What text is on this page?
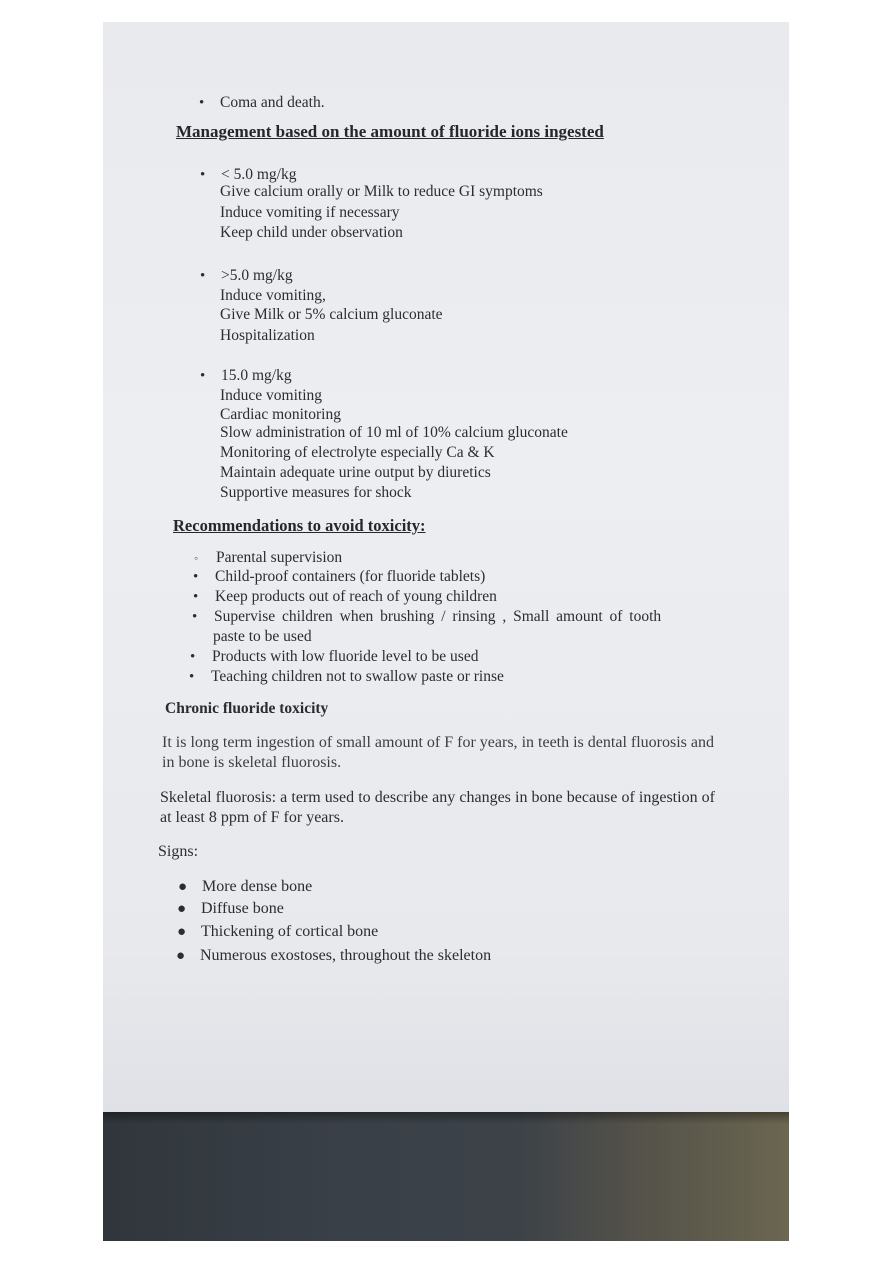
• Coma and death.
Management based on the amount of fluoride ions ingested
• < 5.0 mg/kg
Give calcium orally or Milk to reduce GI symptoms
Induce vomiting if necessary
Keep child under observation
• >5.0 mg/kg
Induce vomiting,
Give Milk or 5% calcium gluconate
Hospitalization
• 15.0 mg/kg
Induce vomiting
Cardiac monitoring
Slow administration of 10 ml of 10% calcium gluconate
Monitoring of electrolyte especially Ca & K
Maintain adequate urine output by diuretics
Supportive measures for shock
Recommendations to avoid toxicity:
◦ Parental supervision
• Child-proof containers (for fluoride tablets)
• Keep products out of reach of young children
• Supervise children when brushing / rinsing , Small amount of tooth
paste to be used
• Products with low fluoride level to be used
• Teaching children not to swallow paste or rinse
Chronic fluoride toxicity
It is long term ingestion of small amount of F for years, in teeth is dental fluorosis and in bone is skeletal fluorosis.
Skeletal fluorosis: a term used to describe any changes in bone because of ingestion of at least 8 ppm of F for years.
Signs:
● More dense bone
● Diffuse bone
● Thickening of cortical bone
● Numerous exostoses, throughout the skeleton
